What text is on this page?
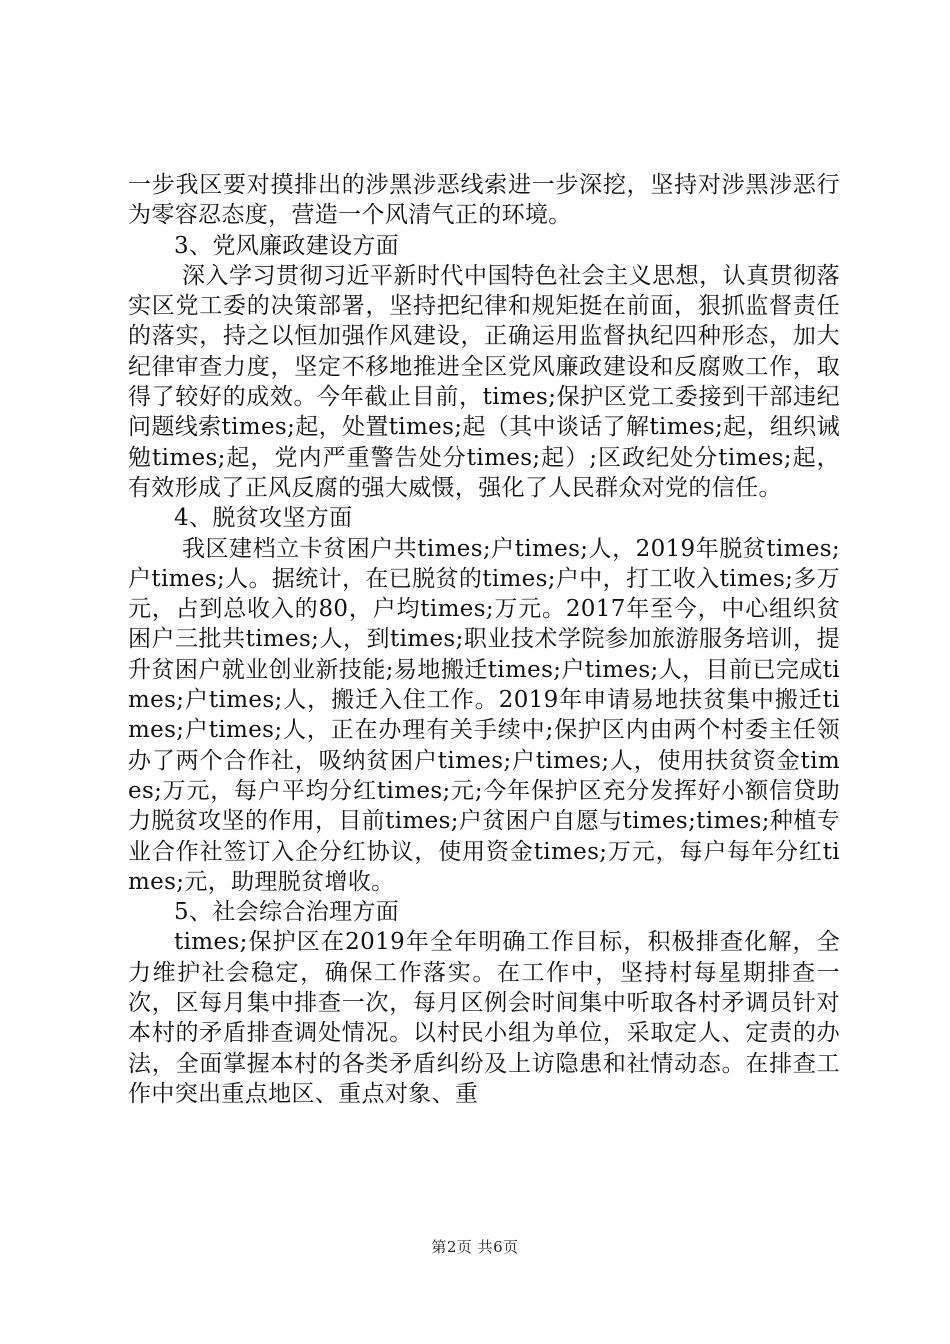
一步我区要对摸排出的涉黑涉恶线索进一步深挖，坚持对涉黑涉恶行为零容忍态度，营造一个风清气正的环境。

3、党风廉政建设方面

深入学习贯彻习近平新时代中国特色社会主义思想，认真贯彻落实区党工委的决策部署，坚持把纪律和规矩挺在前面，狠抓监督责任的落实，持之以恒加强作风建设，正确运用监督执纪四种形态，加大纪律审查力度，坚定不移地推进全区党风廉政建设和反腐败工作，取得了较好的成效。今年截止目前，times;保护区党工委接到干部违纪问题线索times;起，处置times;起（其中谈话了解times;起，组织诫勉times;起，党内严重警告处分times;起）;区政纪处分times;起，有效形成了正风反腐的强大威慑，强化了人民群众对党的信任。

4、脱贫攻坚方面

我区建档立卡贫困户共times;户times;人，2019年脱贫times;户times;人。据统计，在已脱贫的times;户中，打工收入times;多万元，占到总收入的80，户均times;万元。2017年至今，中心组织贫困户三批共times;人，到times;职业技术学院参加旅游服务培训，提升贫困户就业创业新技能;易地搬迁times;户times;人，目前已完成times;户times;人，搬迁入住工作。2019年申请易地扶贫集中搬迁times;户times;人，正在办理有关手续中;保护区内由两个村委主任领办了两个合作社，吸纳贫困户times;户times;人，使用扶贫资金times;万元，每户平均分红times;元;今年保护区充分发挥好小额信贷助力脱贫攻坚的作用，目前times;户贫困户自愿与times;times;种植专业合作社签订入企分红协议，使用资金times;万元，每户每年分红times;元，助理脱贫增收。

5、社会综合治理方面

times;保护区在2019年全年明确工作目标，积极排查化解，全力维护社会稳定，确保工作落实。在工作中，坚持村每星期排查一次，区每月集中排查一次，每月区例会时间集中听取各村矛调员针对本村的矛盾排查调处情况。以村民小组为单位，采取定人、定责的办法，全面掌握本村的各类矛盾纠纷及上访隐患和社情动态。在排查工作中突出重点地区、重点对象、重

第2页 共6页
